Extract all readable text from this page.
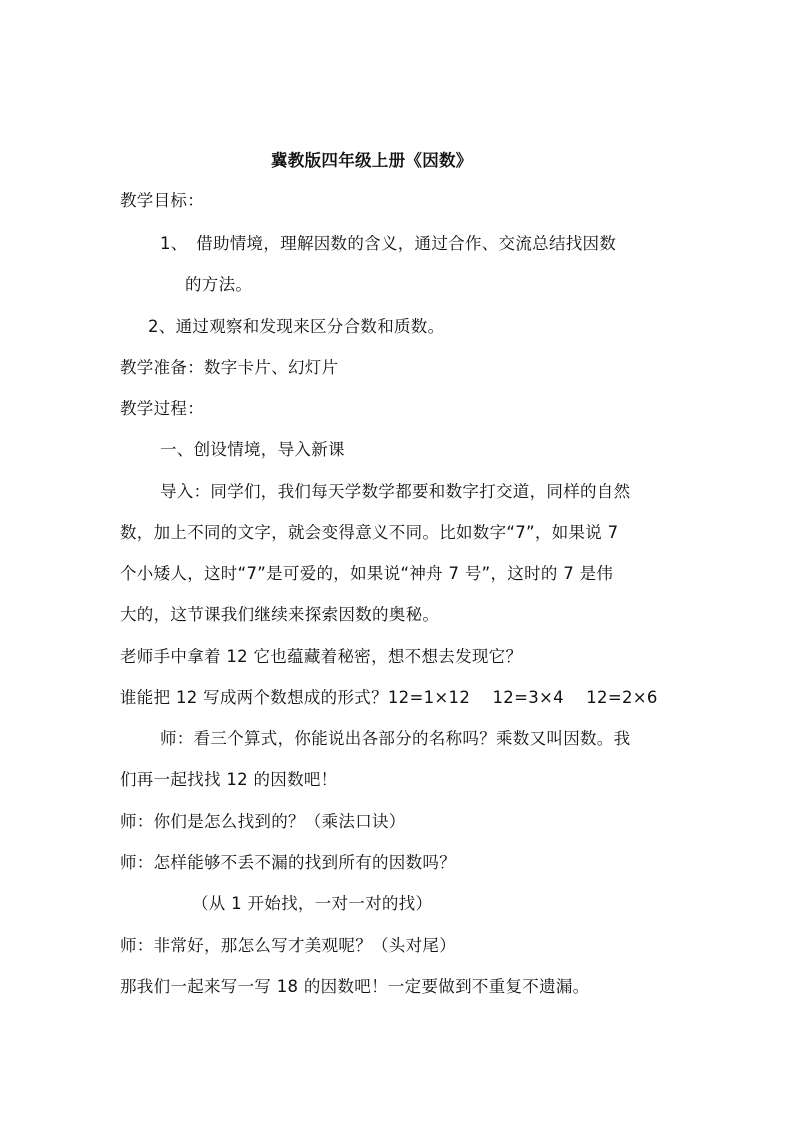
冀教版四年级上册《因数》
教学目标：
1、　借助情境，理解因数的含义，通过合作、交流总结找因数
的方法。
2、通过观察和发现来区分合数和质数。
教学准备：数字卡片、幻灯片
教学过程：
一、创设情境，导入新课
导入：同学们，我们每天学数学都要和数字打交道，同样的自然
数，加上不同的文字，就会变得意义不同。比如数字“7”，如果说 7
个小矮人，这时“7”是可爱的，如果说“神舟 7 号”，这时的 7 是伟
大的，这节课我们继续来探索因数的奥秘。
老师手中拿着 12 它也蕴藏着秘密，想不想去发现它？
谁能把 12 写成两个数想成的形式？12=1×12　 12=3×4　 12=2×6
师：看三个算式，你能说出各部分的名称吗？乘数又叫因数。我
们再一起找找 12 的因数吧！
师：你们是怎么找到的？（乘法口诀）
师：怎样能够不丢不漏的找到所有的因数吗？
（从 1 开始找，一对一对的找）
师：非常好，那怎么写才美观呢？（头对尾）
那我们一起来写一写 18 的因数吧！一定要做到不重复不遗漏。
